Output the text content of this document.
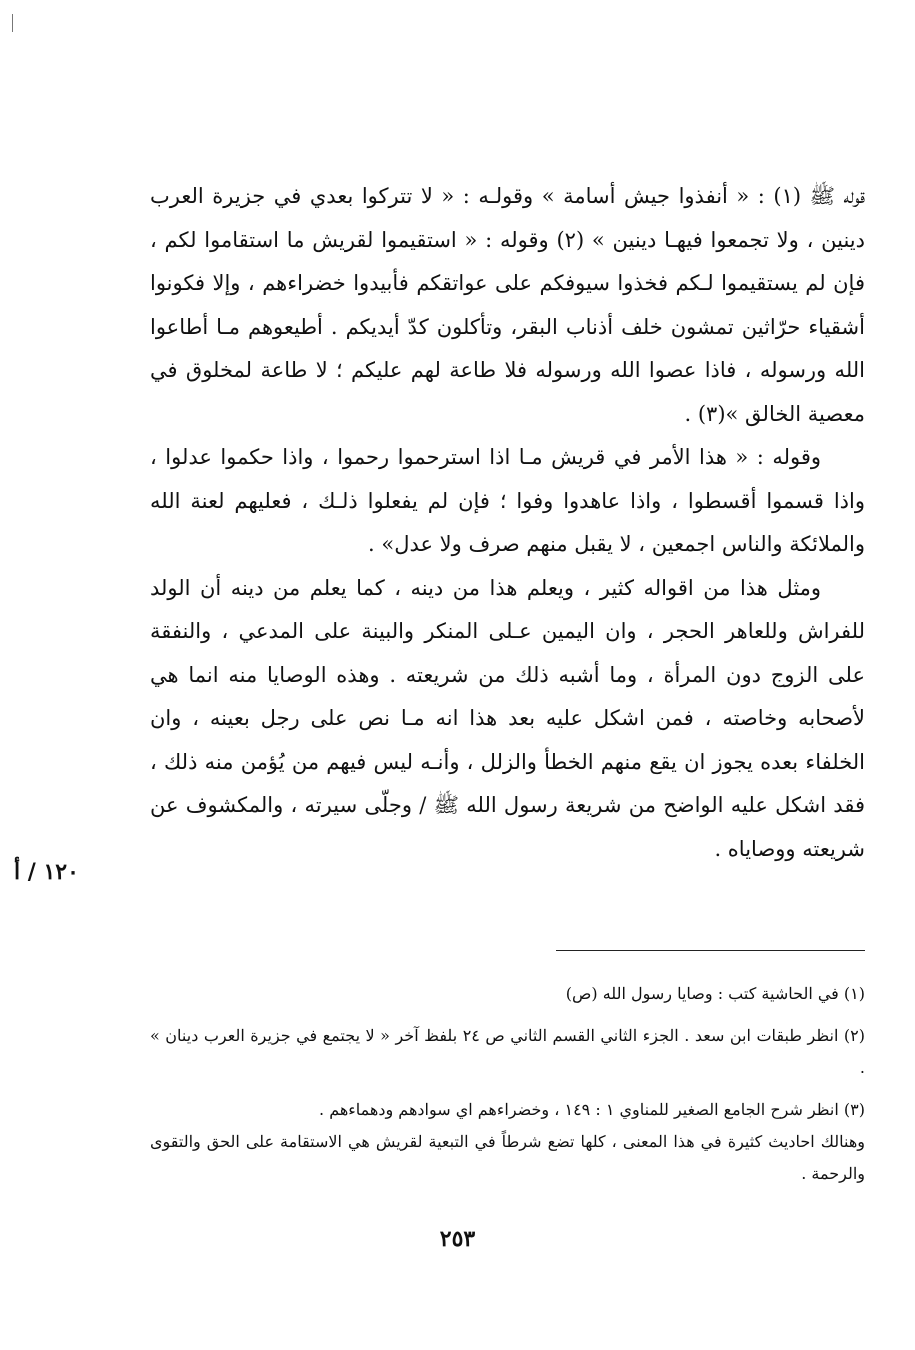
قوله ﷺ (١) : « أنفذوا جيش أسامة » وقولـه : « لا تتركوا بعدي في جزيرة العرب دينين ، ولا تجمعوا فيهـا دينين » (٢) وقوله : « استقيموا لقريش ما استقاموا لكم ، فإن لم يستقيموا لـكم فخذوا سيوفكم على عواتقكم فأبيدوا خضراءهم ، وإلا فكونوا أشقياء حرّاثين تمشون خلف أذناب البقر، وتأكلون كدّ أيديكم . أطيعوهم مـا أطاعوا الله ورسوله ، فاذا عصوا الله ورسوله فلا طاعة لهم عليكم ؛ لا طاعة لمخلوق في معصية الخالق »(٣) .

وقوله : « هذا الأمر في قريش مـا اذا استرحموا رحموا ، واذا حكموا عدلوا ، واذا قسموا أقسطوا ، واذا عاهدوا وفوا ؛ فإن لم يفعلوا ذلـك ، فعليهم لعنة الله والملائكة والناس اجمعين ، لا يقبل منهم صرف ولا عدل» .

ومثل هذا من اقواله كثير ، ويعلم هذا من دينه ، كما يعلم من دينه أن الولد للفراش وللعاهر الحجر ، وان اليمين عـلى المنكر والبينة على المدعي ، والنفقة على الزوج دون المرأة ، وما أشبه ذلك من شريعته . وهذه الوصايا منه انما هي لأصحابه وخاصته ، فمن اشكل عليه بعد هذا انه مـا نص على رجل بعينه ، وان الخلفاء بعده يجوز ان يقع منهم الخطأ والزلل ، وأنـه ليس فيهم من يُؤمن منه ذلك ، فقد اشكل عليه الواضح من شريعة رسول الله ﷺ / وجلّى سيرته ، والمكشوف عن شريعته ووصاياه .

١٢٠ / أ

(١) في الحاشية كتب : وصايا رسول الله (ص)

(٢) انظر طبقات ابن سعد . الجزء الثاني القسم الثاني ص ٢٤ بلفظ آخر « لا يجتمع في جزيرة العرب دينان » .

(٣) انظر شرح الجامع الصغير للمناوي ١ : ١٤٩ ، وخضراءهم اي سوادهم ودهماءهم .

وهنالك احاديث كثيرة في هذا المعنى ، كلها تضع شرطاً في التبعية لقريش هي الاستقامة على الحق والتقوى والرحمة .

٢٥٣
